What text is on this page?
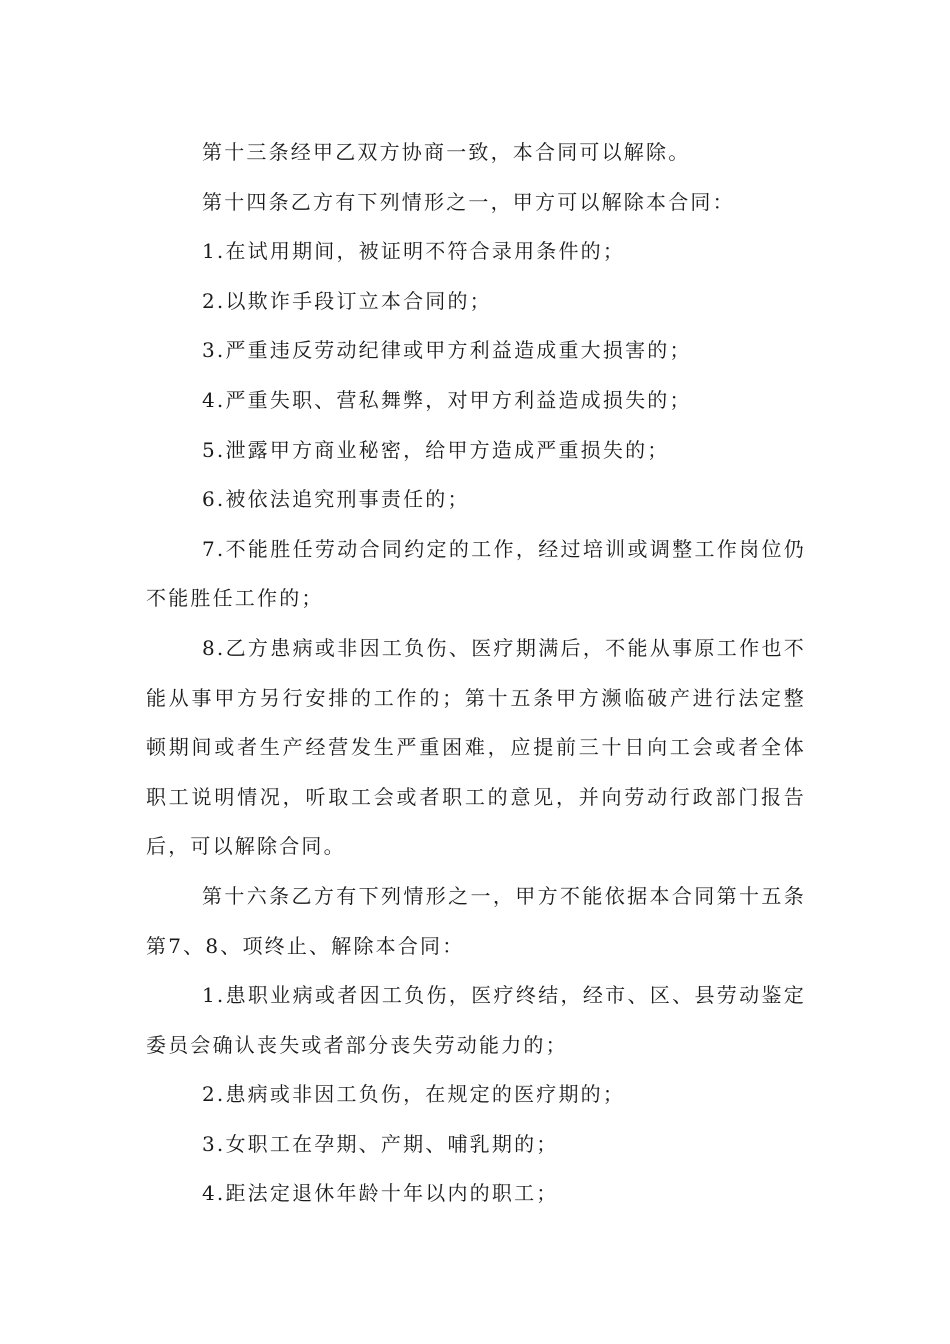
第十三条经甲乙双方协商一致，本合同可以解除。

第十四条乙方有下列情形之一，甲方可以解除本合同：

1.在试用期间，被证明不符合录用条件的；

2.以欺诈手段订立本合同的；

3.严重违反劳动纪律或甲方利益造成重大损害的；

4.严重失职、营私舞弊，对甲方利益造成损失的；

5.泄露甲方商业秘密，给甲方造成严重损失的；

6.被依法追究刑事责任的；

7.不能胜任劳动合同约定的工作，经过培训或调整工作岗位仍不能胜任工作的；

8.乙方患病或非因工负伤、医疗期满后，不能从事原工作也不能从事甲方另行安排的工作的；第十五条甲方濒临破产进行法定整顿期间或者生产经营发生严重困难，应提前三十日向工会或者全体职工说明情况，听取工会或者职工的意见，并向劳动行政部门报告后，可以解除合同。

第十六条乙方有下列情形之一，甲方不能依据本合同第十五条第7、8、项终止、解除本合同：

1.患职业病或者因工负伤，医疗终结，经市、区、县劳动鉴定委员会确认丧失或者部分丧失劳动能力的；

2.患病或非因工负伤，在规定的医疗期的；

3.女职工在孕期、产期、哺乳期的；

4.距法定退休年龄十年以内的职工；
